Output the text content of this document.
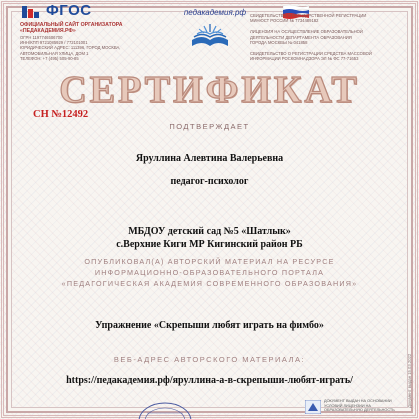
ФГОС
ОФИЦИАЛЬНЫЙ САЙТ ОРГАНИЗАТОРА «ПЕДАКАДЕМИЯ.РФ»
ОГРН 1197746506700
ИНН/КПП 9721085929 / 772101001
ЮРИДИЧЕСКИЙ АДРЕС: 111396, ГОРОД МОСКВА,
АВТОМОБИЛЬНАЯ УЛИЦА, ДОМ 1
ТЕЛЕФОН: +7 (495) 505-90-85
педакадемия.рф СВИДЕТЕЛЬСТВО О ГОСУДАРСТВЕННОЙ РЕГИСТРАЦИИ
МИНЮСТ РОССИИ № 7734489182
ЛИЦЕНЗИЯ НА ОСУЩЕСТВЛЕНИЕ ОБРАЗОВАТЕЛЬНОЙ
ДЕЯТЕЛЬНОСТИ ДЕПАРТАМЕНТА ОБРАЗОВАНИЯ
ГОРОДА МОСКВЫ № 041858
СВИДЕТЕЛЬСТВО О РЕГИСТРАЦИИ СРЕДСТВА МАССОВОЙ
ИНФОРМАЦИИ РОСКОМНАДЗОРА ЭЛ № ФС 77-71653
СЕРТИФИКАТ
СН №12492
ПОДТВЕРЖДАЕТ
Яруллина Алевтина Валерьевна
педагог-психолог
МБДОУ детский сад №5 «Шатлык»
с.Верхние Киги МР Кигинский район РБ
ОПУБЛИКОВАЛ(А) АВТОРСКИЙ МАТЕРИАЛ НА РЕСУРСЕ
ИНФОРМАЦИОННО-ОБРАЗОВАТЕЛЬНОГО ПОРТАЛА
«ПЕДАГОГИЧЕСКАЯ АКАДЕМИЯ СОВРЕМЕННОГО ОБРАЗОВАНИЯ»
Упражнение «Скрепыши любят играть на фимбо»
ВЕБ-АДРЕС АВТОРСКОГО МАТЕРИАЛА:
https://педакадемия.рф/яруллина-а-в-скрепыши-любят-играть/	Документ выдан 15.03.2022
ДОКУМЕНТ ВЫДАН НА ОСНОВАНИИ
УСЛОВИЙ ЛИЦЕНЗИИ НА
ОБРАЗОВАТЕЛЬНУЮ ДЕЯТЕЛЬНОСТЬ
